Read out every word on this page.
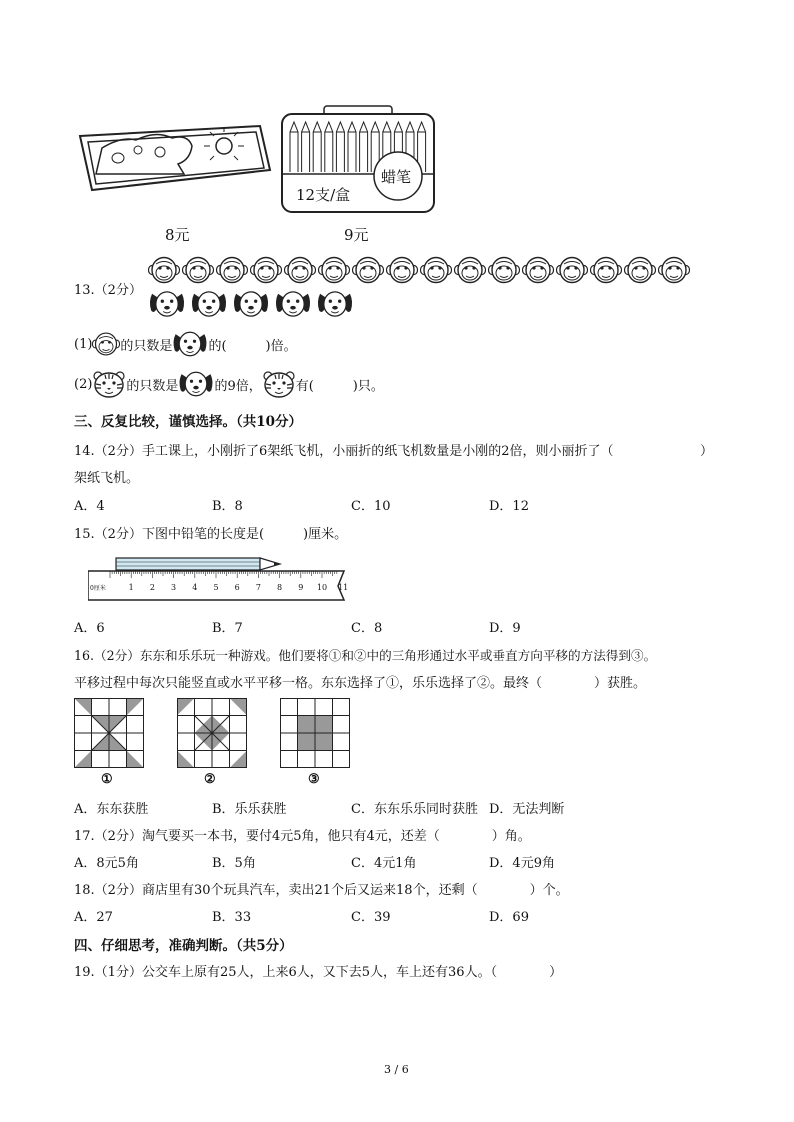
8元
蜡笔
12支/盒
9元
13.（2分）
(1) 的只数是	的(　　　)倍。
(2)	的只数是	的9倍，	有(　　　)只。
三、反复比较，谨慎选择。（共10分）
14.（2分）手工课上，小刚折了6架纸飞机，小丽折的纸飞机数量是小刚的2倍，则小丽折了（	）
架纸飞机。
A．4	B．8	C．10	D．12
15.（2分）下图中铅笔的长度是(　　　)厘米。
0厘米	1 2 3 4 5 6 7 8 9 10 11
A．6	B．7	C．8	D．9
16.（2分）东东和乐乐玩一种游戏。他们要将①和②中的三角形通过水平或垂直方向平移的方法得到③。
平移过程中每次只能竖直或水平平移一格。东东选择了①，乐乐选择了②。最终（　　　　）获胜。
①	②	③
A．东东获胜	B．乐乐获胜	C．东东乐乐同时获胜 D．无法判断
17.（2分）淘气要买一本书，要付4元5角，他只有4元，还差（　　　　）角。
A．8元5角	B．5角	C．4元1角	D．4元9角
18.（2分）商店里有30个玩具汽车，卖出21个后又运来18个，还剩（　　　　）个。
A．27	B．33	C．39	D．69
四、仔细思考，准确判断。（共5分）
19.（1分）公交车上原有25人，上来6人，又下去5人，车上还有36人。（　　　　）
3 / 6
